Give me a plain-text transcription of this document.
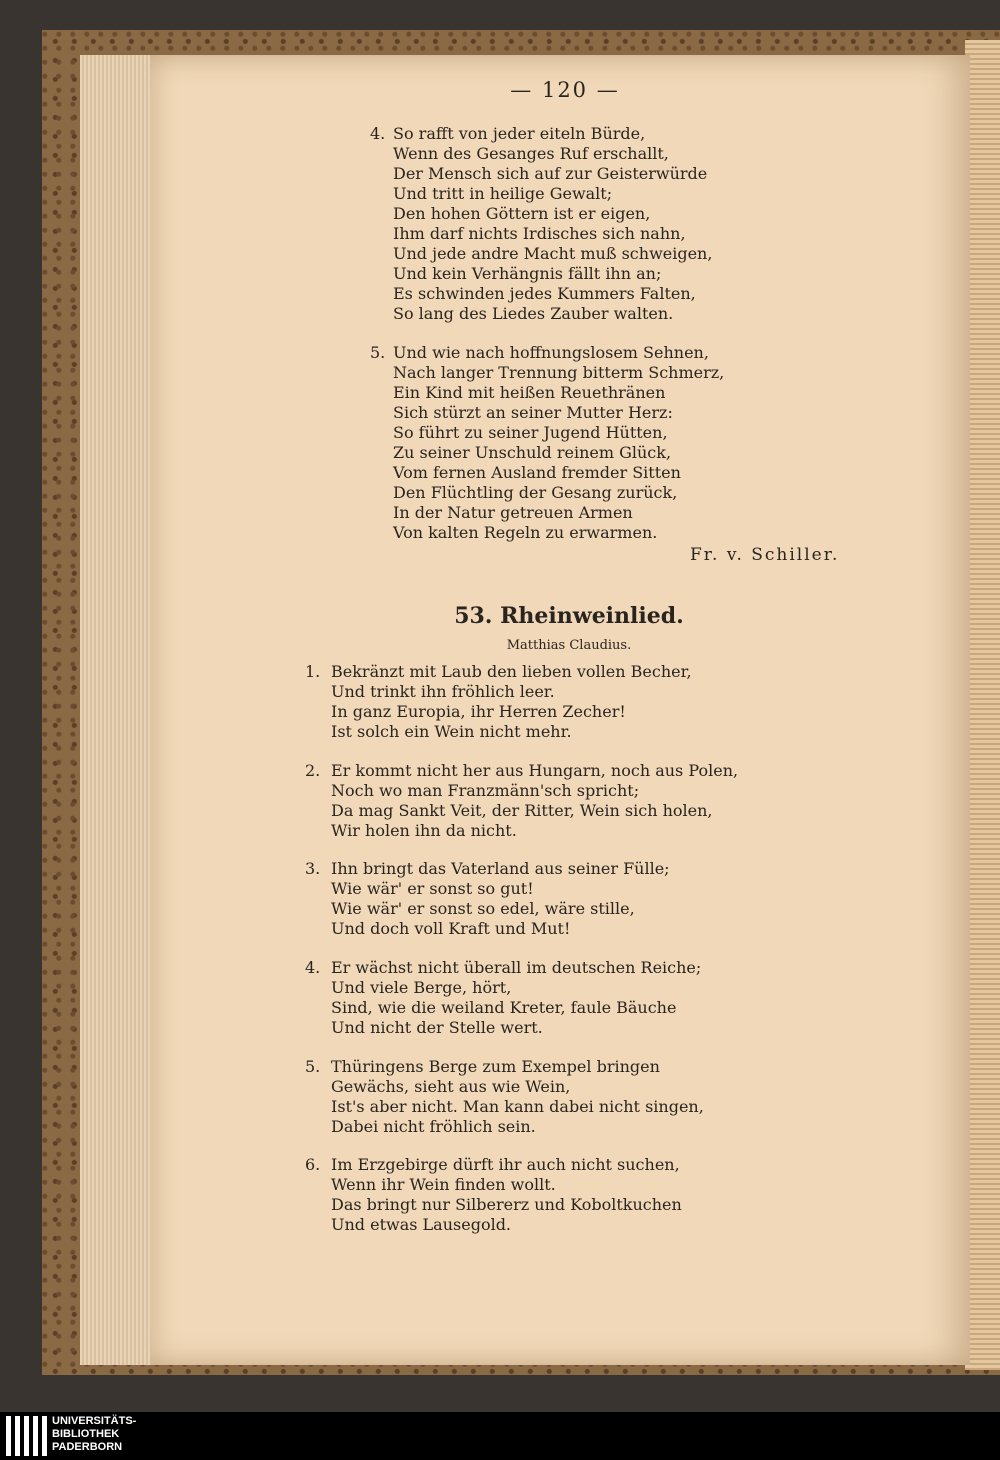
— 120 —
4. So rafft von jeder eiteln Bürde,
Wenn des Gesanges Ruf erschallt,
Der Mensch sich auf zur Geisterwürde
Und tritt in heilige Gewalt;
Den hohen Göttern ist er eigen,
Ihm darf nichts Irdisches sich nahn,
Und jede andre Macht muß schweigen,
Und kein Verhängnis fällt ihn an;
Es schwinden jedes Kummers Falten,
So lang des Liedes Zauber walten.
5. Und wie nach hoffnungslosem Sehnen,
Nach langer Trennung bitterm Schmerz,
Ein Kind mit heißen Reuethränen
Sich stürzt an seiner Mutter Herz:
So führt zu seiner Jugend Hütten,
Zu seiner Unschuld reinem Glück,
Vom fernen Ausland fremder Sitten
Den Flüchtling der Gesang zurück,
In der Natur getreuen Armen
Von kalten Regeln zu erwarmen.
Fr. v. Schiller.
53. Rheinweinlied.
Matthias Claudius.
1. Bekränzt mit Laub den lieben vollen Becher,
Und trinkt ihn fröhlich leer.
In ganz Europia, ihr Herren Zecher!
Ist solch ein Wein nicht mehr.
2. Er kommt nicht her aus Hungarn, noch aus Polen,
Noch wo man Franzmänn'sch spricht;
Da mag Sankt Veit, der Ritter, Wein sich holen,
Wir holen ihn da nicht.
3. Ihn bringt das Vaterland aus seiner Fülle;
Wie wär' er sonst so gut!
Wie wär' er sonst so edel, wäre stille,
Und doch voll Kraft und Mut!
4. Er wächst nicht überall im deutschen Reiche;
Und viele Berge, hört,
Sind, wie die weiland Kreter, faule Bäuche
Und nicht der Stelle wert.
5. Thüringens Berge zum Exempel bringen
Gewächs, sieht aus wie Wein,
Ist's aber nicht. Man kann dabei nicht singen,
Dabei nicht fröhlich sein.
6. Im Erzgebirge dürft ihr auch nicht suchen,
Wenn ihr Wein finden wollt.
Das bringt nur Silbererz und Koboltkuchen
Und etwas Lausegold.
UNIVERSITÄTS-
BIBLIOTHEK
PADERBORN
